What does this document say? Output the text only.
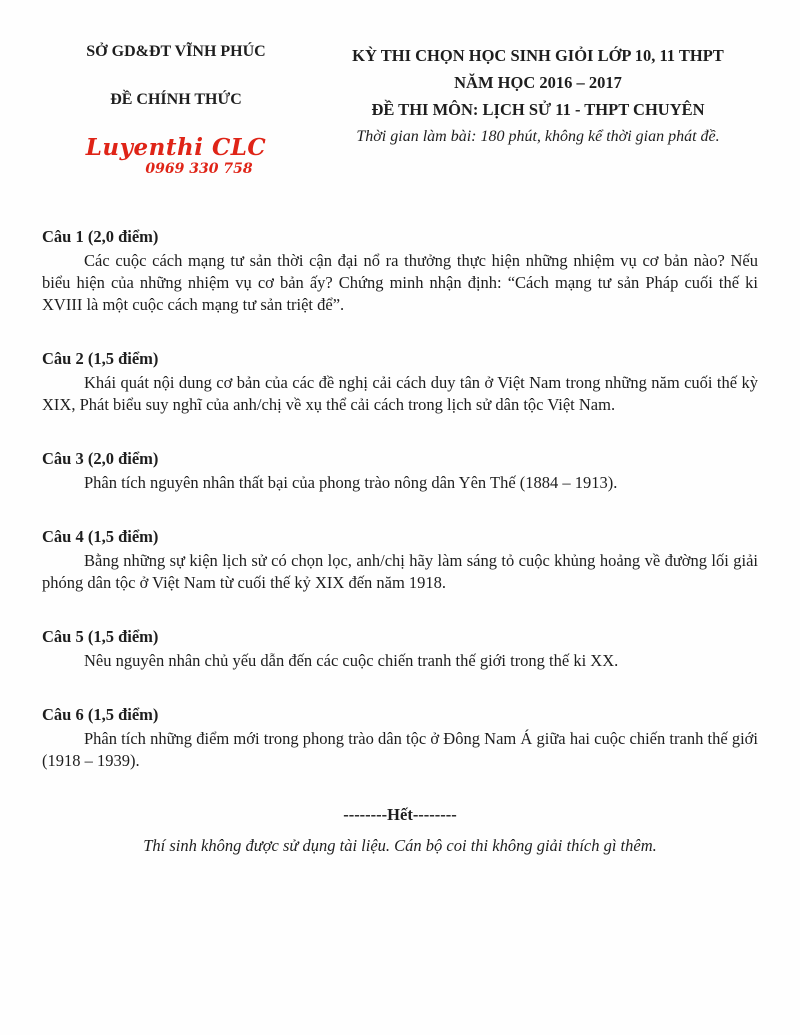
SỞ GD&ĐT VĨNH PHÚC
ĐỀ CHÍNH THỨC
Luyenthi CLC
0969 330 758
KỲ THI CHỌN HỌC SINH GIỎI LỚP 10, 11 THPT
NĂM HỌC 2016 – 2017
ĐỀ THI MÔN: LỊCH SỬ 11 - THPT CHUYÊN
Thời gian làm bài: 180 phút, không kể thời gian phát đề.
Câu 1 (2,0 điểm)

Các cuộc cách mạng tư sản thời cận đại nổ ra thưởng thực hiện những nhiệm vụ cơ bản nào? Nếu biểu hiện của những nhiệm vụ cơ bản ấy? Chứng minh nhận định: “Cách mạng tư sản Pháp cuối thế ki XVIII là một cuộc cách mạng tư sản triệt để”.

Câu 2 (1,5 điểm)

Khái quát nội dung cơ bản của các đề nghị cải cách duy tân ở Việt Nam trong những năm cuối thế kỳ XIX, Phát biểu suy nghĩ của anh/chị về xụ thể cải cách trong lịch sử dân tộc Việt Nam.

Câu 3 (2,0 điểm)

Phân tích nguyên nhân thất bại của phong trào nông dân Yên Thế (1884 – 1913).

Câu 4 (1,5 điểm)

Bằng những sự kiện lịch sử có chọn lọc, anh/chị hãy làm sáng tỏ cuộc khủng hoảng về đường lối giải phóng dân tộc ở Việt Nam từ cuối thế kỷ XIX đến năm 1918.

Câu 5 (1,5 điểm)

Nêu nguyên nhân chủ yếu dẫn đến các cuộc chiến tranh thế giới trong thế ki XX.

Câu 6 (1,5 điểm)

Phân tích những điểm mới trong phong trào dân tộc ở Đông Nam Á giữa hai cuộc chiến tranh thế giới (1918 – 1939).

--------Hết--------
Thí sinh không được sử dụng tài liệu. Cán bộ coi thi không giải thích gì thêm.
